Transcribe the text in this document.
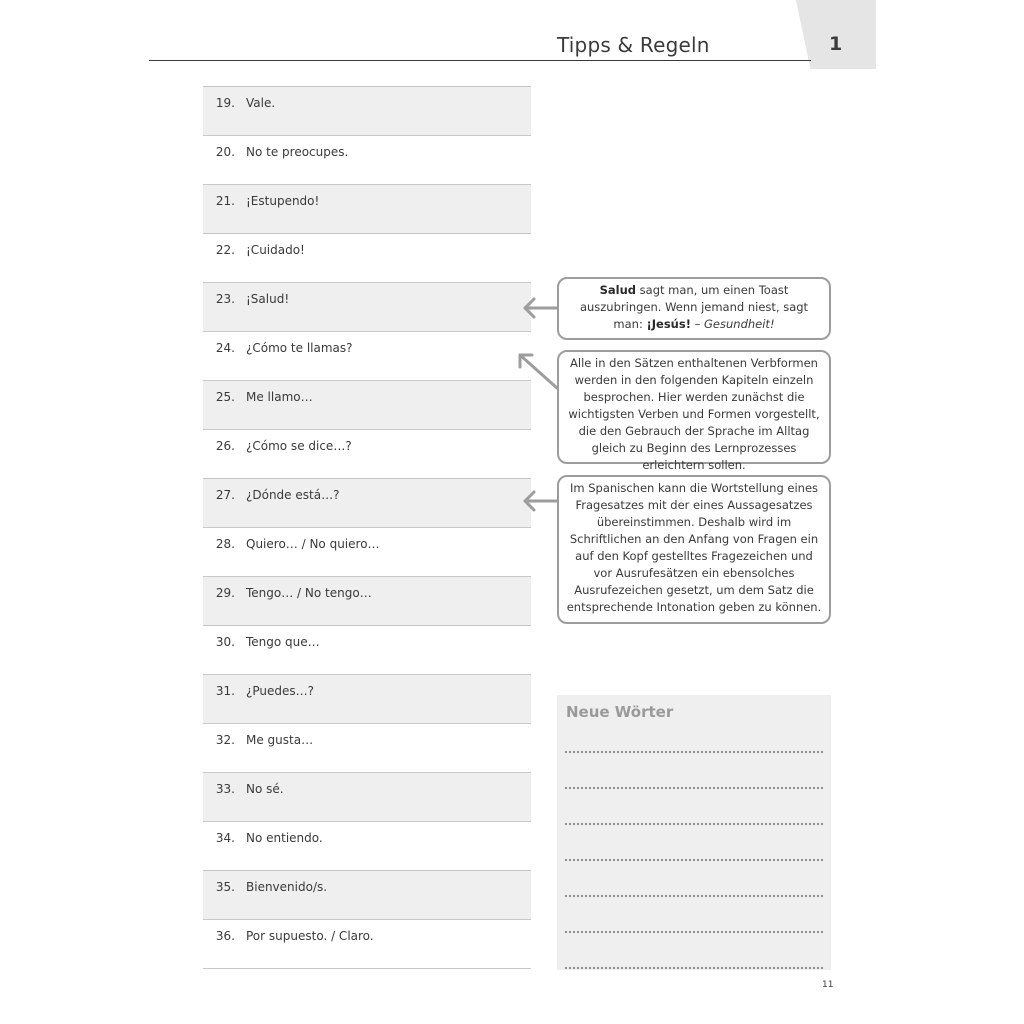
1
Tipps & Regeln
19. Vale.
20. No te preocupes.
21. ¡Estupendo!
22. ¡Cuidado!
23. ¡Salud!
24. ¿Cómo te llamas?
25. Me llamo…
26. ¿Cómo se dice…?
27. ¿Dónde está…?
28. Quiero… / No quiero…
29. Tengo… / No tengo…
30. Tengo que…
31. ¿Puedes…?
32. Me gusta…
33. No sé.
34. No entiendo.
35. Bienvenido/s.
36. Por supuesto. / Claro.
Salud sagt man, um einen Toast auszubringen. Wenn jemand niest, sagt man: ¡Jesús! – Gesundheit!
Alle in den Sätzen enthaltenen Verbformen werden in den folgenden Kapiteln einzeln besprochen. Hier werden zunächst die wichtigsten Verben und Formen vorgestellt, die den Gebrauch der Sprache im Alltag gleich zu Beginn des Lernprozesses erleichtern sollen.
Im Spanischen kann die Wortstellung eines Fragesatzes mit der eines Aussagesatzes übereinstimmen. Deshalb wird im Schriftlichen an den Anfang von Fragen ein auf den Kopf gestelltes Fragezeichen und vor Ausrufesätzen ein ebensolches Ausrufezeichen gesetzt, um dem Satz die entsprechende Intonation geben zu können.
Neue Wörter
11
